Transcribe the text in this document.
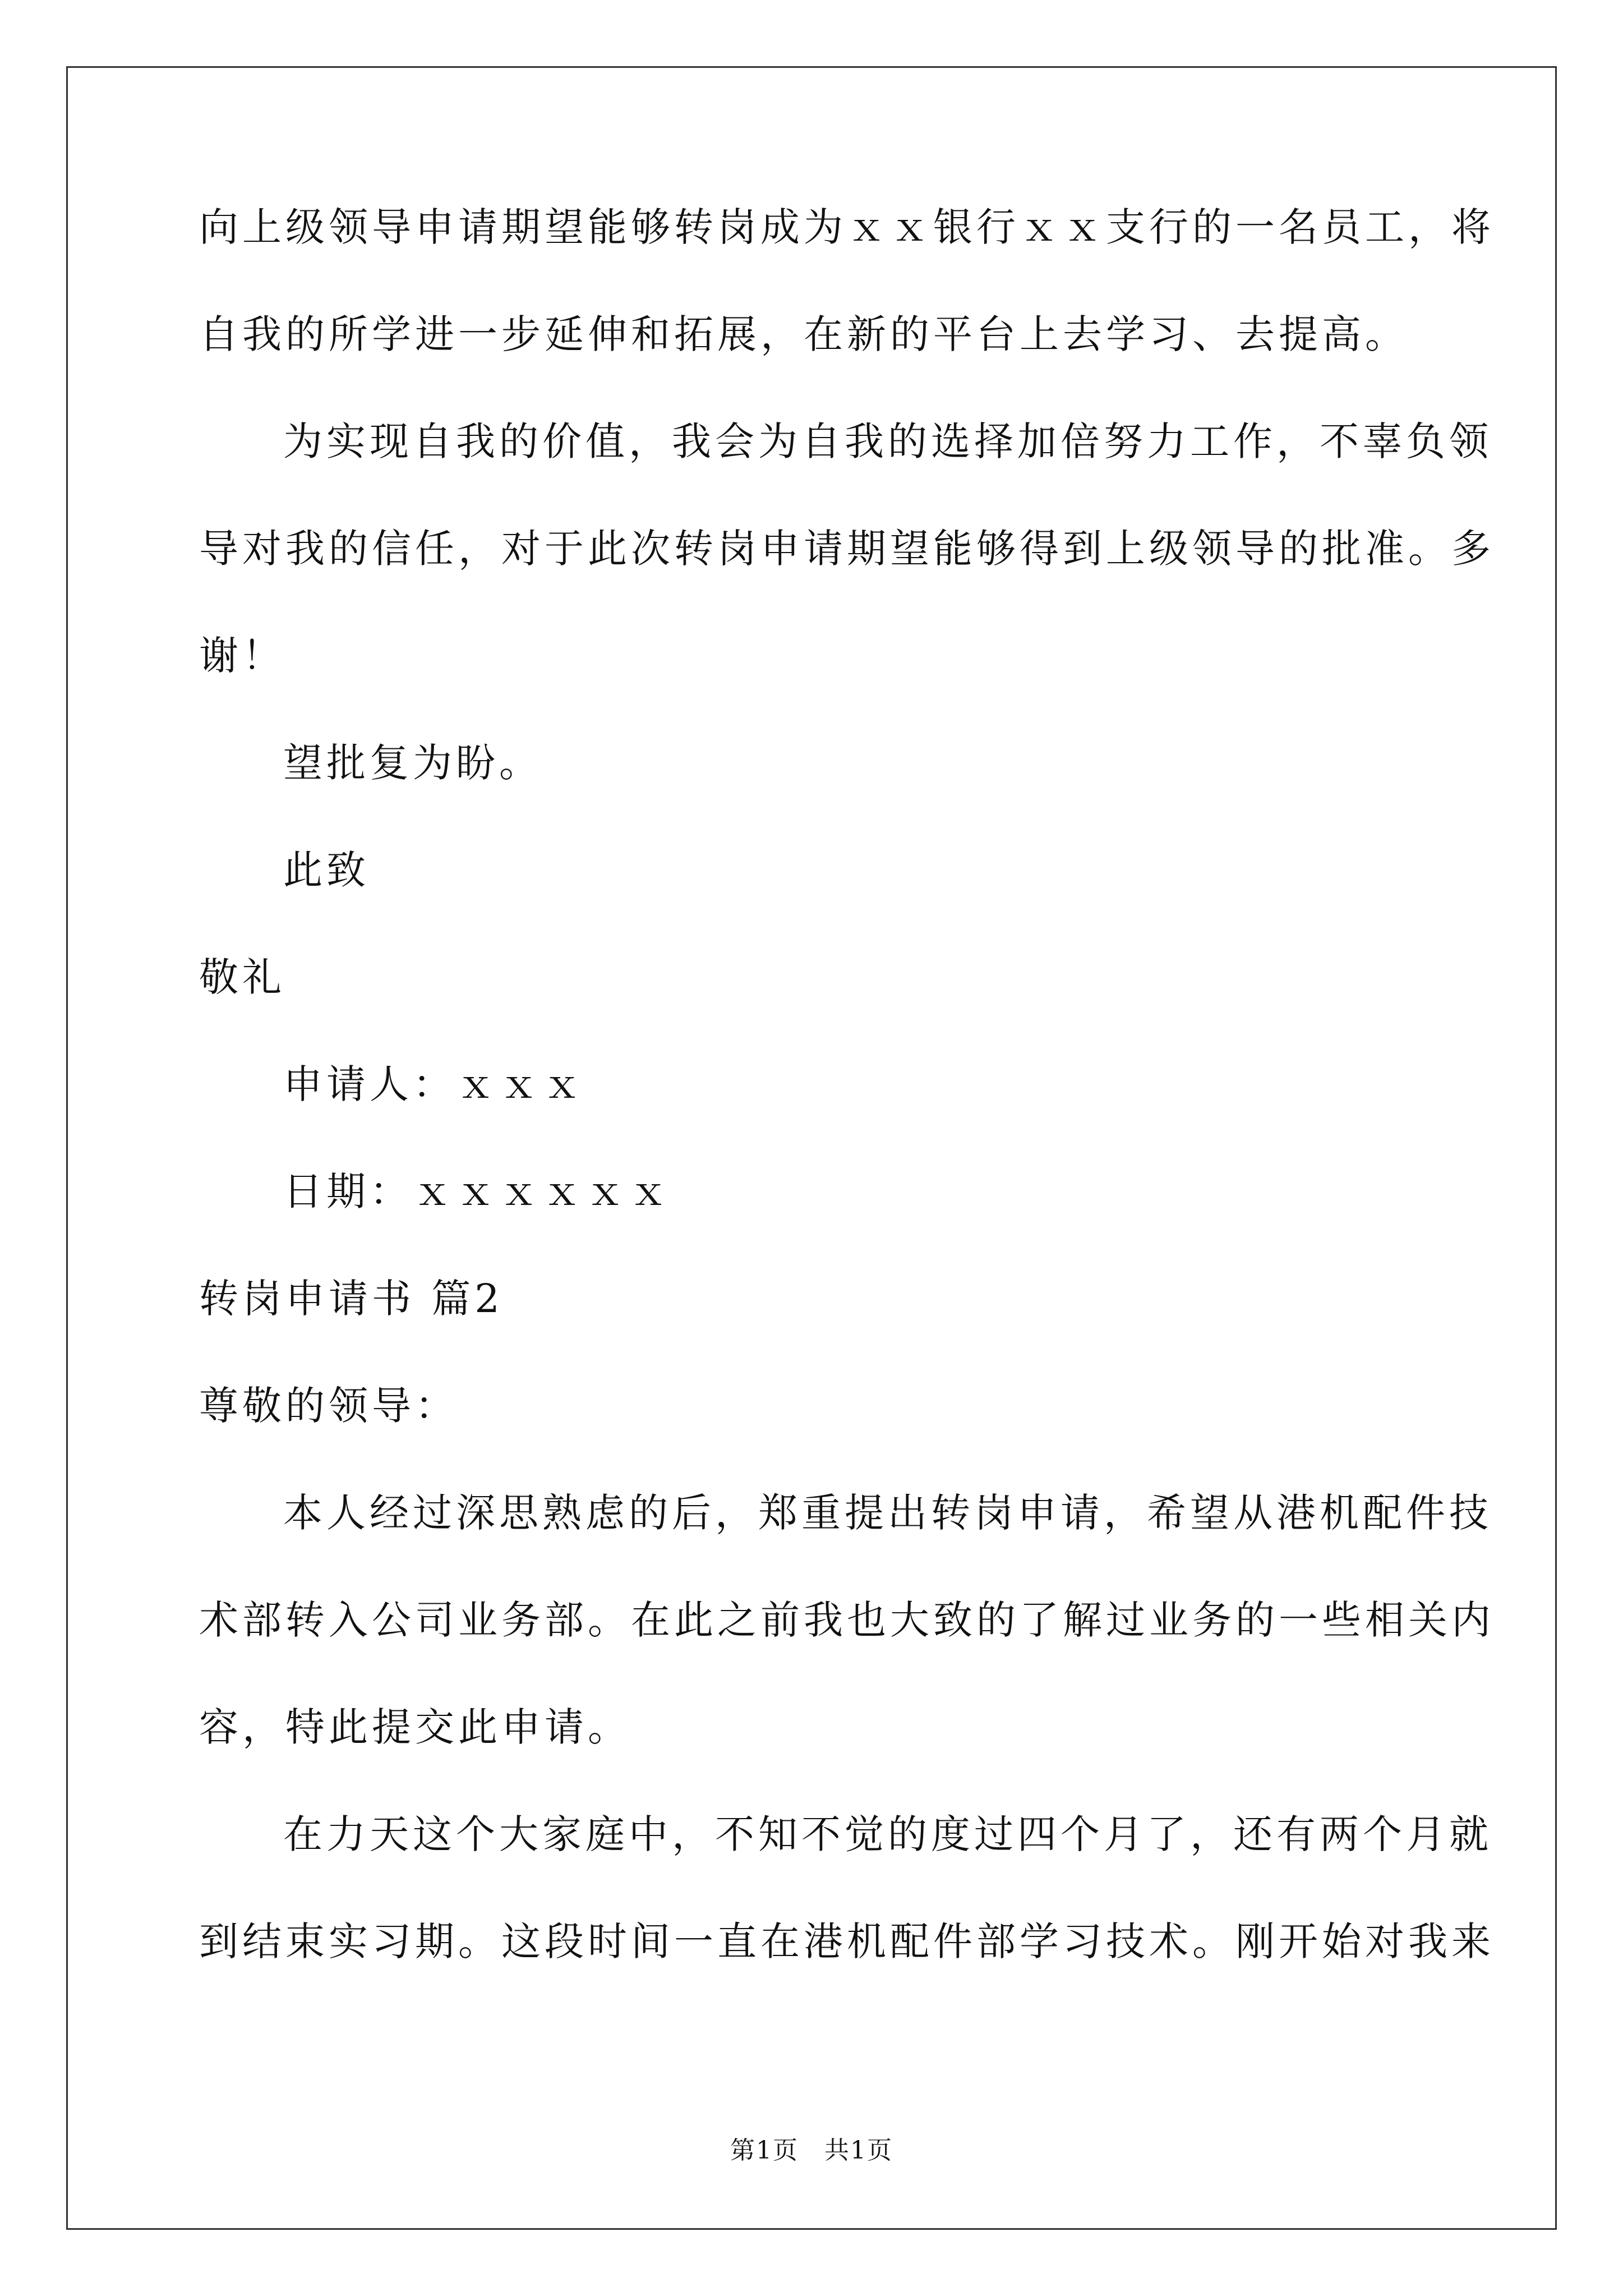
向上级领导申请期望能够转岗成为ｘｘ银行ｘｘ支行的一名员工，将
自我的所学进一步延伸和拓展，在新的平台上去学习、去提高。
为实现自我的价值，我会为自我的选择加倍努力工作，不辜负领
导对我的信任，对于此次转岗申请期望能够得到上级领导的批准。多
谢！
望批复为盼。
此致
敬礼
申请人：ｘｘｘ
日期：ｘｘｘｘｘｘ
转岗申请书 篇2
尊敬的领导：
本人经过深思熟虑的后，郑重提出转岗申请，希望从港机配件技
术部转入公司业务部。在此之前我也大致的了解过业务的一些相关内
容，特此提交此申请。
在力天这个大家庭中，不知不觉的度过四个月了，还有两个月就
到结束实习期。这段时间一直在港机配件部学习技术。刚开始对我来
第1页　共1页
